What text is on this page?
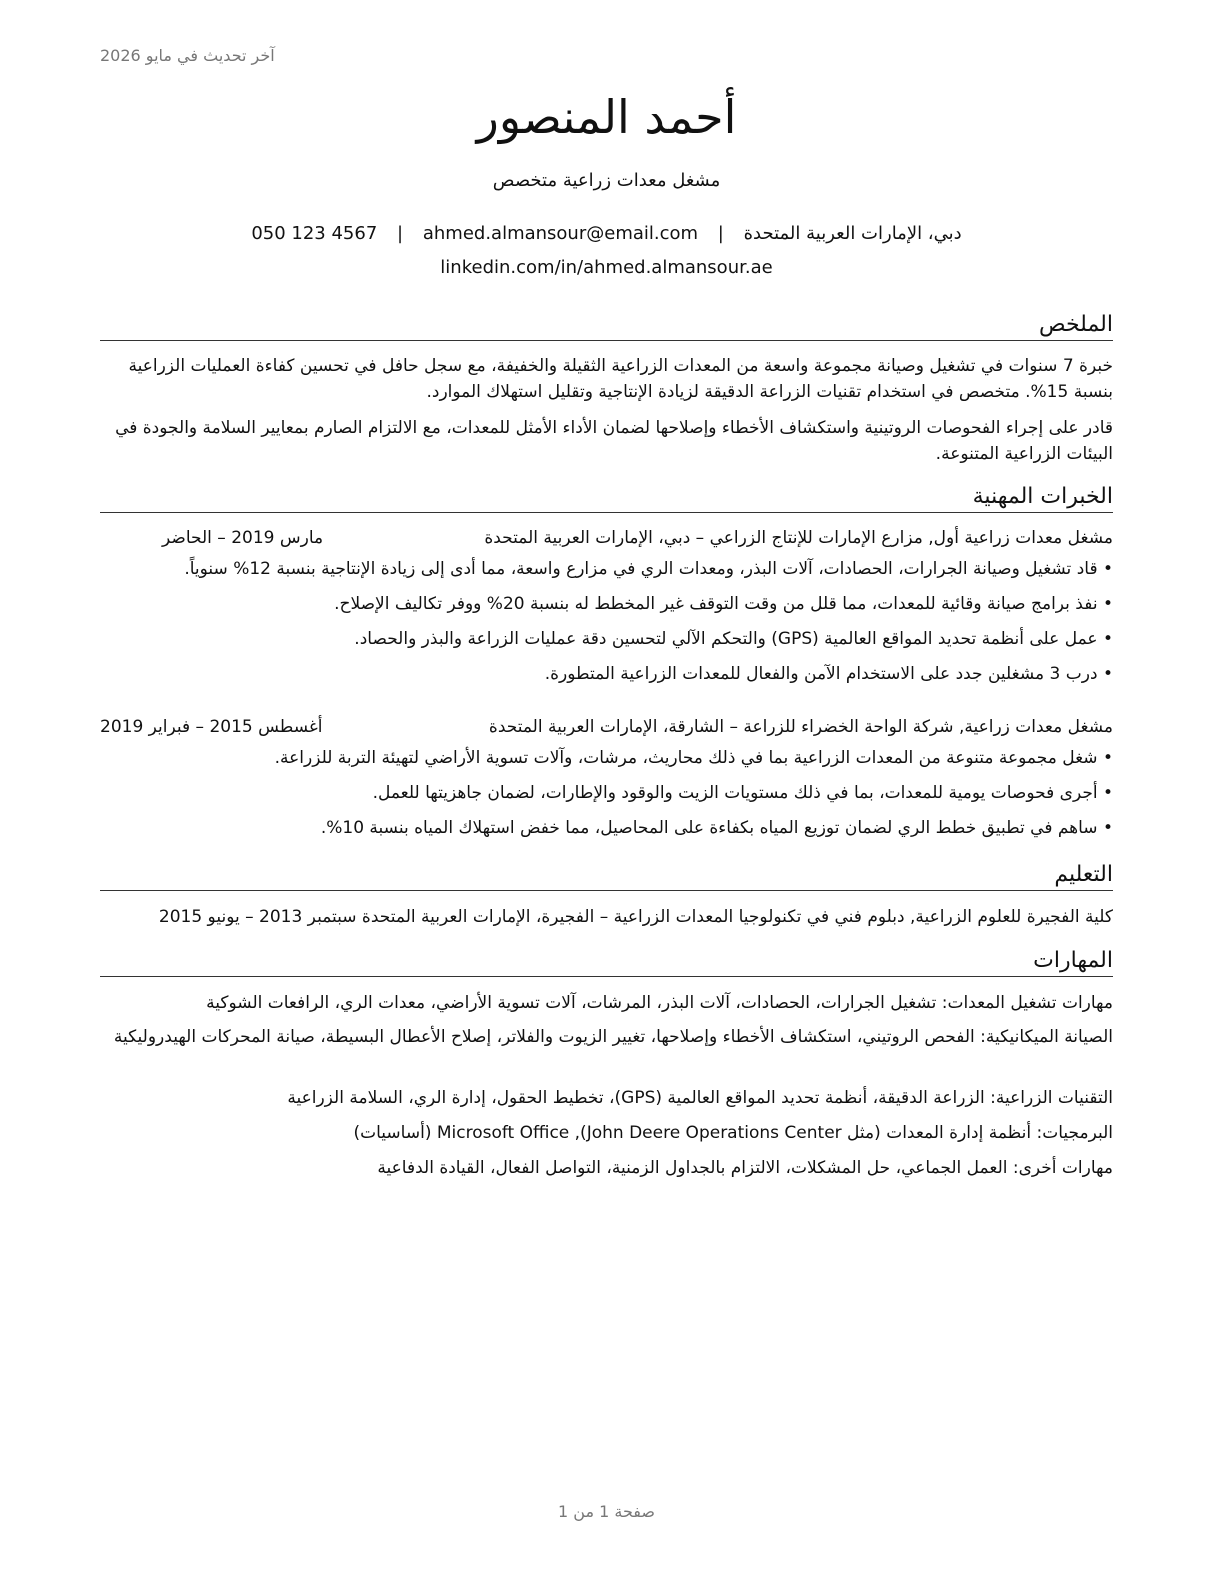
آخر تحديث في مايو 2026
أحمد المنصور
مشغل معدات زراعية متخصص
دبي، الإمارات العربية المتحدة | ahmed.almansour@email.com | 050 123 4567
linkedin.com/in/ahmed.almansour.ae
الملخص
خبرة 7 سنوات في تشغيل وصيانة مجموعة واسعة من المعدات الزراعية الثقيلة والخفيفة، مع سجل حافل في تحسين كفاءة العمليات الزراعية بنسبة 15%. متخصص في استخدام تقنيات الزراعة الدقيقة لزيادة الإنتاجية وتقليل استهلاك الموارد.
قادر على إجراء الفحوصات الروتينية واستكشاف الأخطاء وإصلاحها لضمان الأداء الأمثل للمعدات، مع الالتزام الصارم بمعايير السلامة والجودة في البيئات الزراعية المتنوعة.
الخبرات المهنية
مشغل معدات زراعية أول, مزارع الإمارات للإنتاج الزراعي – دبي، الإمارات العربية المتحدة
مارس 2019 – الحاضر
• قاد تشغيل وصيانة الجرارات، الحصادات، آلات البذر، ومعدات الري في مزارع واسعة، مما أدى إلى زيادة الإنتاجية بنسبة 12% سنوياً.
• نفذ برامج صيانة وقائية للمعدات، مما قلل من وقت التوقف غير المخطط له بنسبة 20% ووفر تكاليف الإصلاح.
• عمل على أنظمة تحديد المواقع العالمية (GPS) والتحكم الآلي لتحسين دقة عمليات الزراعة والبذر والحصاد.
• درب 3 مشغلين جدد على الاستخدام الآمن والفعال للمعدات الزراعية المتطورة.
مشغل معدات زراعية, شركة الواحة الخضراء للزراعة – الشارقة، الإمارات العربية المتحدة
أغسطس 2015 – فبراير 2019
• شغل مجموعة متنوعة من المعدات الزراعية بما في ذلك محاريث، مرشات، وآلات تسوية الأراضي لتهيئة التربة للزراعة.
• أجرى فحوصات يومية للمعدات، بما في ذلك مستويات الزيت والوقود والإطارات، لضمان جاهزيتها للعمل.
• ساهم في تطبيق خطط الري لضمان توزيع المياه بكفاءة على المحاصيل، مما خفض استهلاك المياه بنسبة 10%.
التعليم
كلية الفجيرة للعلوم الزراعية, دبلوم فني في تكنولوجيا المعدات الزراعية – الفجيرة، الإمارات العربية المتحدة سبتمبر 2013 – يونيو 2015
المهارات
مهارات تشغيل المعدات: تشغيل الجرارات، الحصادات، آلات البذر، المرشات، آلات تسوية الأراضي، معدات الري، الرافعات الشوكية
الصيانة الميكانيكية: الفحص الروتيني، استكشاف الأخطاء وإصلاحها، تغيير الزيوت والفلاتر، إصلاح الأعطال البسيطة، صيانة المحركات الهيدروليكية
التقنيات الزراعية: الزراعة الدقيقة، أنظمة تحديد المواقع العالمية (GPS)، تخطيط الحقول، إدارة الري، السلامة الزراعية
البرمجيات: أنظمة إدارة المعدات (مثل John Deere Operations Center), Microsoft Office (أساسيات)
مهارات أخرى: العمل الجماعي، حل المشكلات، الالتزام بالجداول الزمنية، التواصل الفعال، القيادة الدفاعية
صفحة 1 من 1
